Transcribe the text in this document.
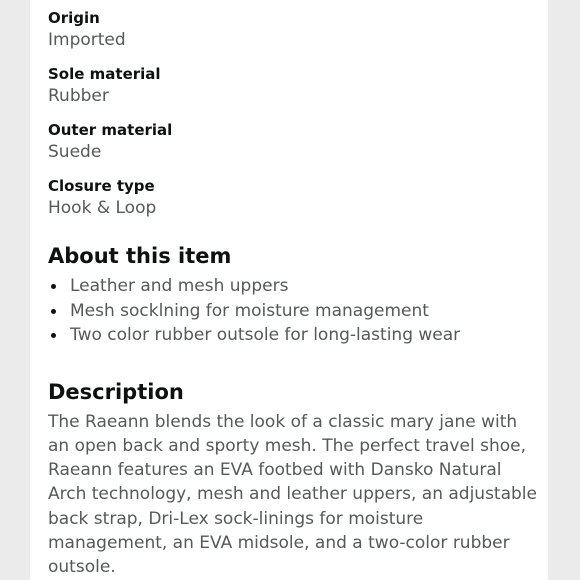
Origin
Imported
Sole material
Rubber
Outer material
Suede
Closure type
Hook & Loop
About this item
Leather and mesh uppers
Mesh socklning for moisture management
Two color rubber outsole for long-lasting wear
Description

The Raeann blends the look of a classic mary jane with an open back and sporty mesh. The perfect travel shoe, Raeann features an EVA footbed with Dansko Natural Arch technology, mesh and leather uppers, an adjustable back strap, Dri-Lex sock-linings for moisture management, an EVA midsole, and a two-color rubber outsole.
